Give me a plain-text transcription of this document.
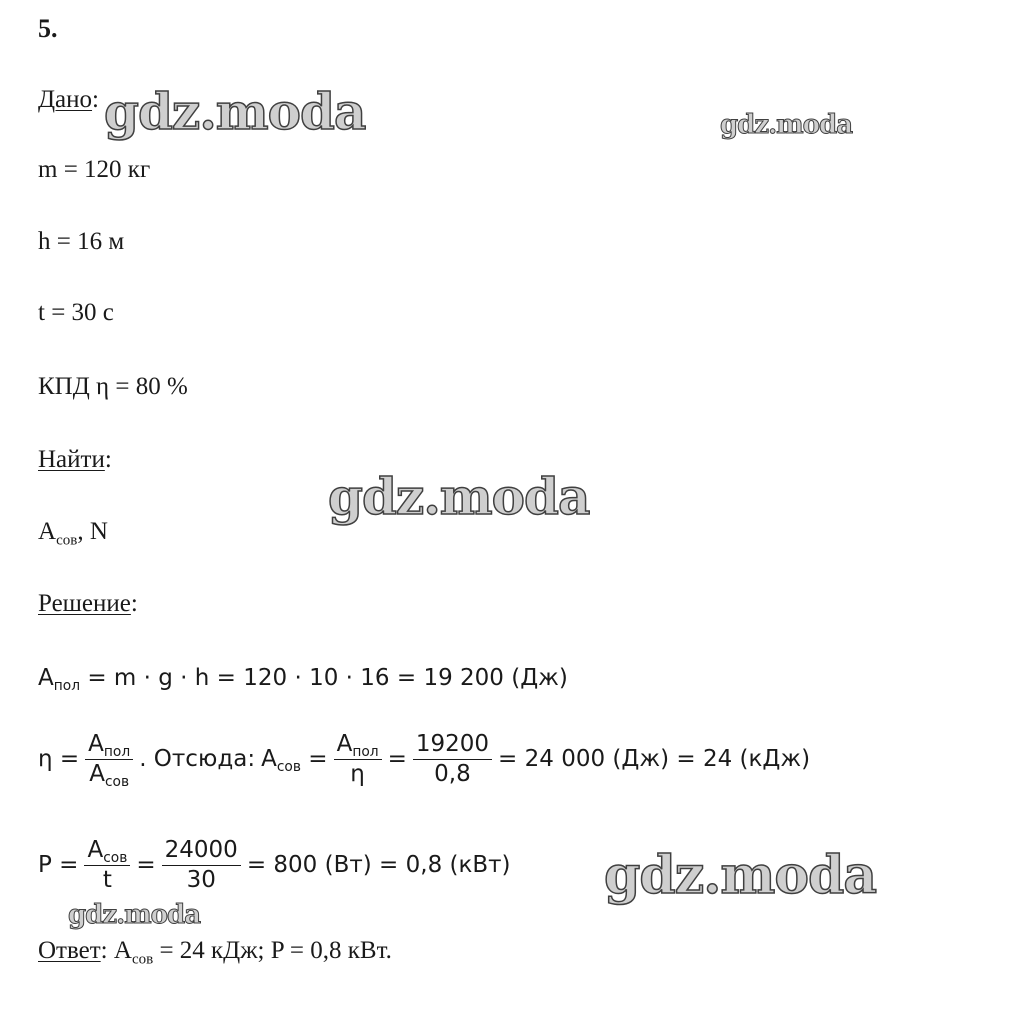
5.
Дано:
m = 120 кг
h = 16 м
t = 30 с
КПД η = 80 %
Найти:
$A_{сов}$, N
Решение:
$A_{пол} = m \cdot g \cdot h = 120 \cdot 10 \cdot 16 = 19$ 200 (Дж)
$\eta = \frac{A_{пол}}{A_{сов}}$ . $Отсюда:A_{сов} = \frac{A_{пол}}{\eta} = \frac{19200}{0,8} = 24$ 000 (Дж) = 24 (кДж)
$P = \frac{A_{сов}}{t} = \frac{24000}{30} = 800$ (Вт) = 0,8 (кВт)
Ответ: $A_{сов} = 24$ кДж; P = 0,8 кВт.
gdz.moda	gdz.moda
gdz.moda
gdz.moda
gdz.moda
